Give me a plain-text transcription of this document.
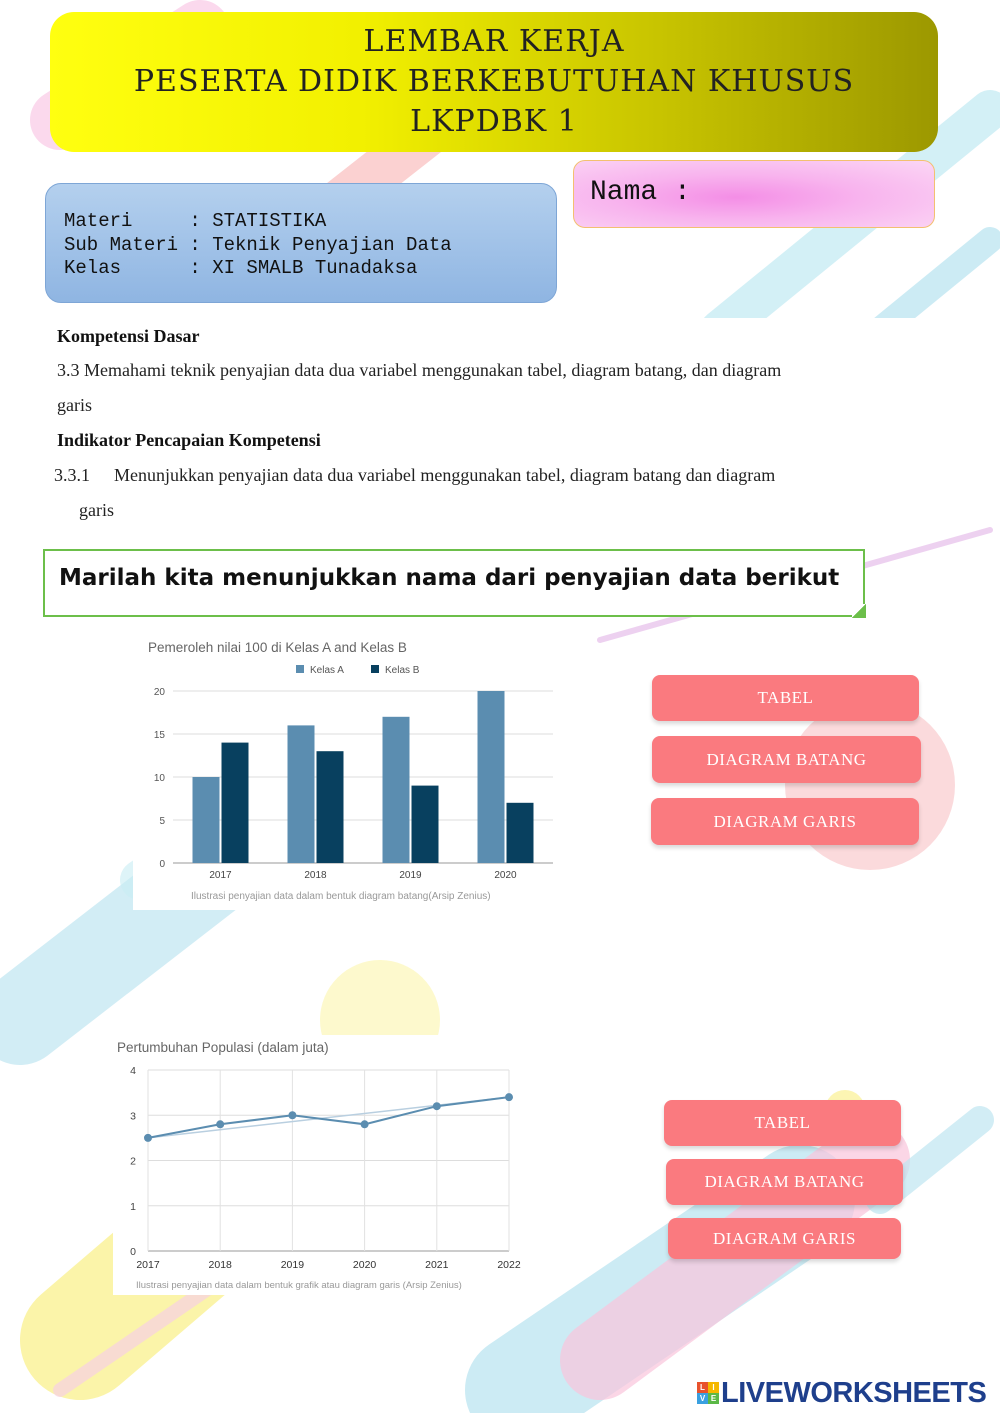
LEMBAR KERJA
PESERTA DIDIK BERKEBUTUHAN KHUSUS
LKPDBK 1
Materi     : STATISTIKA
Sub Materi : Teknik Penyajian Data
Kelas      : XI SMALB Tunadaksa
Nama :
Kompetensi Dasar
3.3 Memahami teknik penyajian data dua variabel menggunakan tabel, diagram batang, dan diagram
garis
Indikator Pencapaian Kompetensi
3.3.1 Menunjukkan penyajian data dua variabel menggunakan tabel, diagram batang dan diagram
garis
Marilah kita menunjukkan nama dari penyajian data berikut
Pemeroleh nilai 100 di Kelas A and Kelas B
Kelas A	Kelas B
0
5
10
15
20
2017	2018	2019	2020
Ilustrasi penyajian data dalam bentuk diagram batang(Arsip Zenius)
Pertumbuhan Populasi (dalam juta)
0
1
2
3
4
2017	2018	2019	2020	2021	2022
Ilustrasi penyajian data dalam bentuk grafik atau diagram garis (Arsip Zenius)
TABEL
DIAGRAM BATANG
DIAGRAM GARIS
TABEL
DIAGRAM BATANG
DIAGRAM GARIS
L I
V E LIVEWORKSHEETS
